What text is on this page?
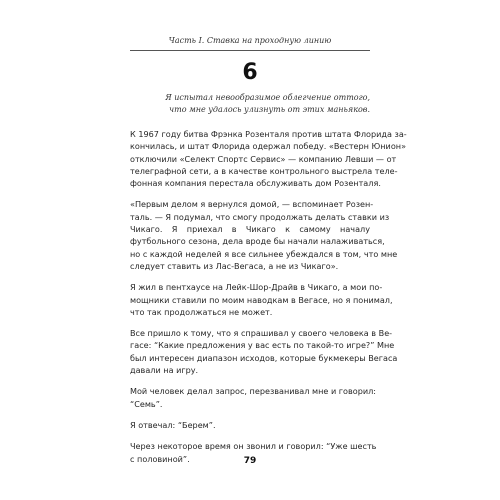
Часть I. Ставка на проходную линию
6
Я испытал невообразимое облегчение оттого,
что мне удалось улизнуть от этих маньяков.

К 1967 году битва Фрэнка Розенталя против штата Флорида за-
кончилась, и штат Флорида одержал победу. «Вестерн Юнион»
отключили «Селект Спортс Сервис» — компанию Левши — от
телеграфной сети, а в качестве контрольного выстрела теле-
фонная компания перестала обслуживать дом Розенталя.

«Первым делом я вернулся домой, — вспоминает Розен-
таль. — Я подумал, что смогу продолжать делать ставки из
Чикаго. Я приехал в Чикаго к самому началу
футбольного сезона, дела вроде бы начали налаживаться,
но с каждой неделей я все сильнее убеждался в том, что мне
следует ставить из Лас-Вегаса, а не из Чикаго».

Я жил в пентхаусе на Лейк-Шор-Драйв в Чикаго, а мои по-
мощники ставили по моим наводкам в Вегасе, но я понимал,
что так продолжаться не может.

Все пришло к тому, что я спрашивал у своего человека в Ве-
гасе: “Какие предложения у вас есть по такой-то игре?” Мне
был интересен диапазон исходов, которые букмекеры Вегаса
давали на игру.

Мой человек делал запрос, перезванивал мне и говорил:
“Семь”.

Я отвечал: “Берем”.

Через некоторое время он звонил и говорил: “Уже шесть
с половиной”.	79
